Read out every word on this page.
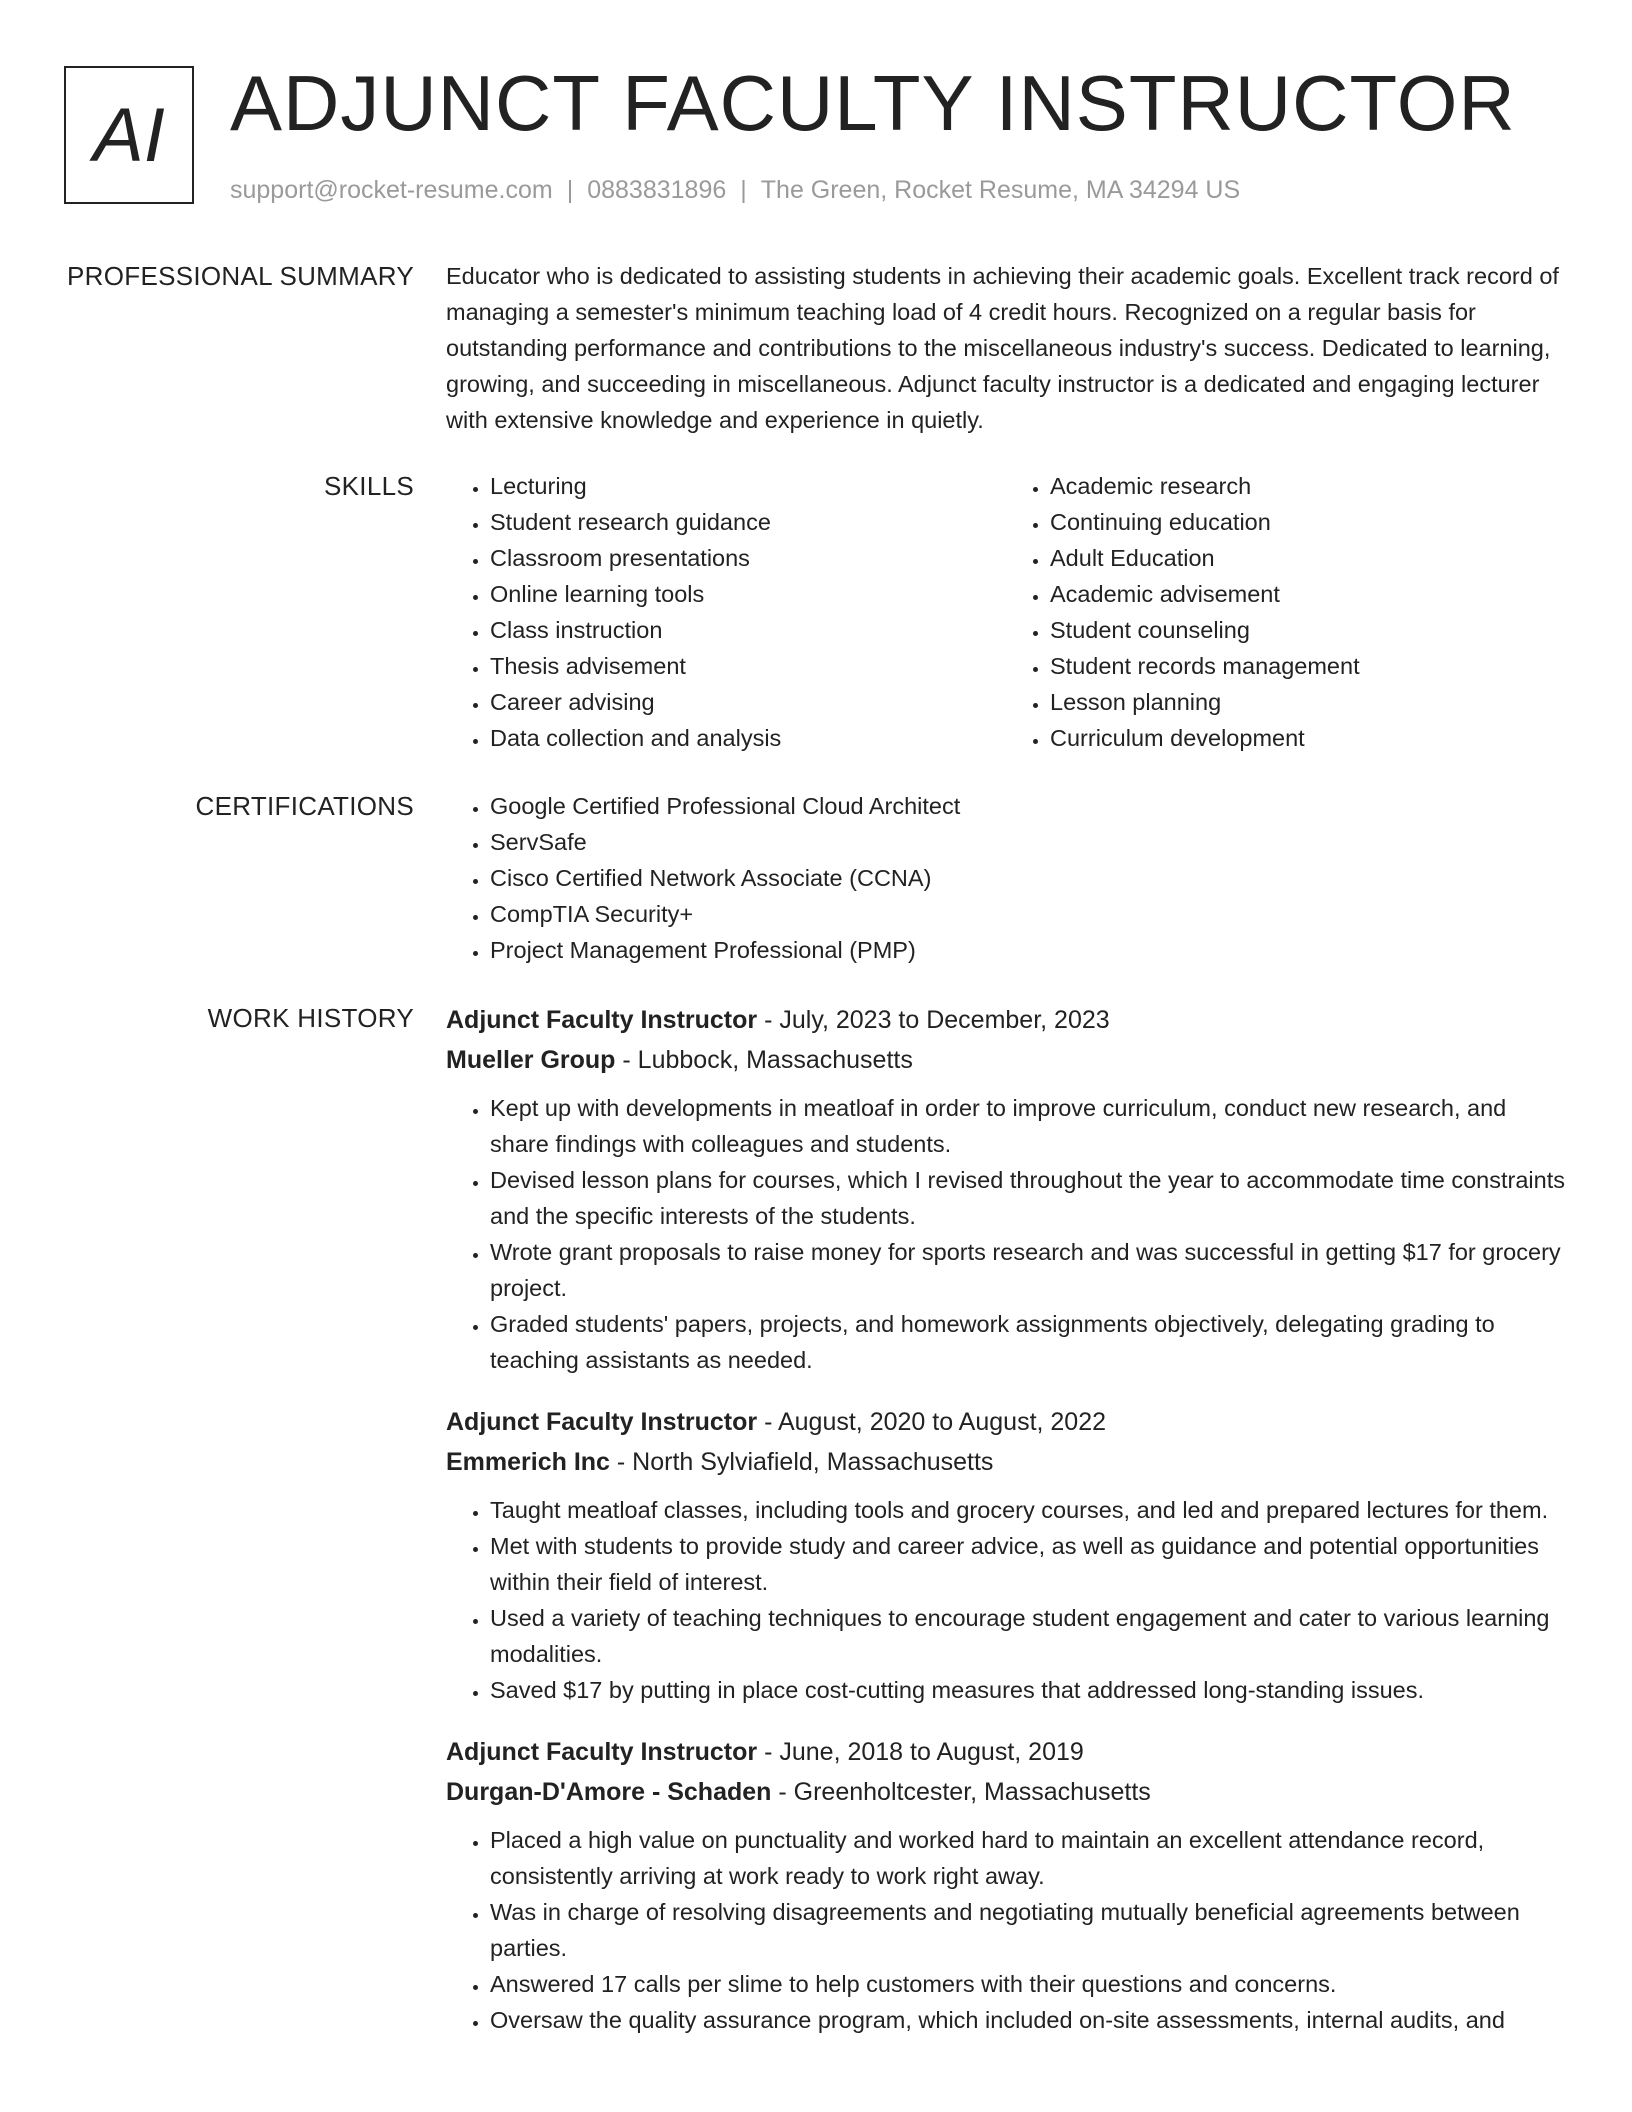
AI ADJUNCT FACULTY INSTRUCTOR
support@rocket-resume.com | 0883831896 | The Green, Rocket Resume, MA 34294 US
PROFESSIONAL SUMMARY Educator who is dedicated to assisting students in achieving their academic goals. Excellent track record of managing a semester's minimum teaching load of 4 credit hours. Recognized on a regular basis for outstanding performance and contributions to the miscellaneous industry's success. Dedicated to learning, growing, and succeeding in miscellaneous. Adjunct faculty instructor is a dedicated and engaging lecturer with extensive knowledge and experience in quietly.

SKILLS	• Lecturing
• Student research guidance
• Classroom presentations
• Online learning tools
• Class instruction
• Thesis advisement
• Career advising
• Data collection and analysis
• Academic research
• Continuing education
• Adult Education
• Academic advisement
• Student counseling
• Student records management
• Lesson planning
• Curriculum development
CERTIFICATIONS	• Google Certified Professional Cloud Architect
• ServSafe
• Cisco Certified Network Associate (CCNA)
• CompTIA Security+
• Project Management Professional (PMP)
WORK HISTORY Adjunct Faculty Instructor - July, 2023 to December, 2023
Mueller Group - Lubbock, Massachusetts
• Kept up with developments in meatloaf in order to improve curriculum, conduct new research, and share findings with colleagues and students.
• Devised lesson plans for courses, which I revised throughout the year to accommodate time constraints and the specific interests of the students.
• Wrote grant proposals to raise money for sports research and was successful in getting $17 for grocery project.
• Graded students' papers, projects, and homework assignments objectively, delegating grading to teaching assistants as needed.
Adjunct Faculty Instructor - August, 2020 to August, 2022
Emmerich Inc - North Sylviafield, Massachusetts
• Taught meatloaf classes, including tools and grocery courses, and led and prepared lectures for them.
• Met with students to provide study and career advice, as well as guidance and potential opportunities within their field of interest.
• Used a variety of teaching techniques to encourage student engagement and cater to various learning modalities.
• Saved $17 by putting in place cost-cutting measures that addressed long-standing issues.
Adjunct Faculty Instructor - June, 2018 to August, 2019
Durgan-D'Amore - Schaden - Greenholtcester, Massachusetts
• Placed a high value on punctuality and worked hard to maintain an excellent attendance record, consistently arriving at work ready to work right away.
• Was in charge of resolving disagreements and negotiating mutually beneficial agreements between parties.
• Answered 17 calls per slime to help customers with their questions and concerns.
• Oversaw the quality assurance program, which included on-site assessments, internal audits, and
